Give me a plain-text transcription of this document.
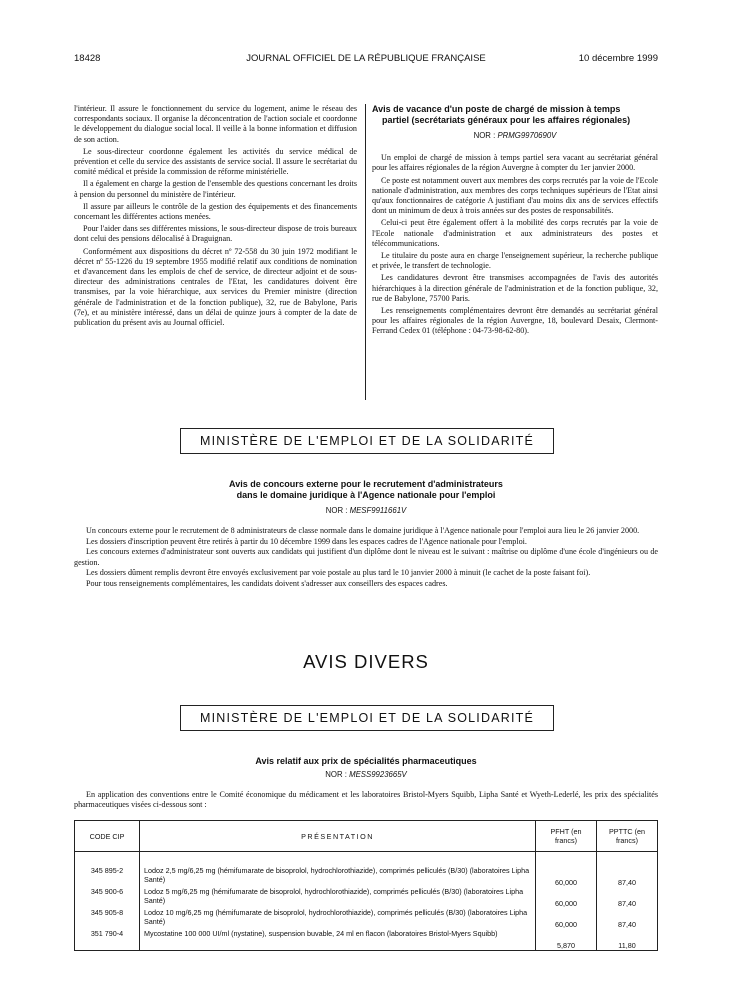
18428	JOURNAL OFFICIEL DE LA RÉPUBLIQUE FRANÇAISE	10 décembre 1999

l'intérieur. Il assure le fonctionnement du service du logement, anime le réseau des correspondants sociaux. Il organise la déconcentration de l'action sociale et coordonne le développement du dialogue social local. Il veille à la bonne information et diffusion de son action.

Le sous-directeur coordonne également les activités du service médical de prévention et celle du service des assistants de service social. Il assure le secrétariat du comité médical et préside la commission de réforme ministérielle.

Il a également en charge la gestion de l'ensemble des questions concernant les droits à pension du personnel du ministère de l'intérieur.

Il assure par ailleurs le contrôle de la gestion des équipements et des financements concernant les différentes actions menées.

Pour l'aider dans ses différentes missions, le sous-directeur dispose de trois bureaux dont celui des pensions délocalisé à Draguignan.

Conformément aux dispositions du décret nº 72-558 du 30 juin 1972 modifiant le décret nº 55-1226 du 19 septembre 1955 modifié relatif aux conditions de nomination et d'avancement dans les emplois de chef de service, de directeur adjoint et de sous-directeur des administrations centrales de l'Etat, les candidatures doivent être transmises, par la voie hiérarchique, aux services du Premier ministre (direction générale de l'administration et de la fonction publique), 32, rue de Babylone, Paris (7e), et au ministère intéressé, dans un délai de quinze jours à compter de la date de publication du présent avis au Journal officiel.

Avis de vacance d'un poste de chargé de mission à temps
partiel (secrétariats généraux pour les affaires régionales)
NOR : PRMG9970690V

Un emploi de chargé de mission à temps partiel sera vacant au secrétariat général pour les affaires régionales de la région Auvergne à compter du 1er janvier 2000.

Ce poste est notamment ouvert aux membres des corps recrutés par la voie de l'Ecole nationale d'administration, aux membres des corps techniques supérieurs de l'Etat ainsi qu'aux fonctionnaires de catégorie A justifiant d'au moins dix ans de services effectifs dont un minimum de deux à trois années sur des postes de responsabilités.

Celui-ci peut être également offert à la mobilité des corps recrutés par la voie de l'Ecole nationale d'administration et aux administrateurs des postes et télécommunications.

Le titulaire du poste aura en charge l'enseignement supérieur, la recherche publique et privée, le transfert de technologie.

Les candidatures devront être transmises accompagnées de l'avis des autorités hiérarchiques à la direction générale de l'administration et de la fonction publique, 32, rue de Babylone, 75700 Paris.

Les renseignements complémentaires devront être demandés au secrétariat général pour les affaires régionales de la région Auvergne, 18, boulevard Desaix, Clermont-Ferrand Cedex 01 (téléphone : 04-73-98-62-80).

MINISTÈRE DE L'EMPLOI ET DE LA SOLIDARITÉ
Avis de concours externe pour le recrutement d'administrateurs
dans le domaine juridique à l'Agence nationale pour l'emploi
NOR : MESF9911661V

Un concours externe pour le recrutement de 8 administrateurs de classe normale dans le domaine juridique à l'Agence nationale pour l'emploi aura lieu le 26 janvier 2000.

Les dossiers d'inscription peuvent être retirés à partir du 10 décembre 1999 dans les espaces cadres de l'Agence nationale pour l'emploi.

Les concours externes d'administrateur sont ouverts aux candidats qui justifient d'un diplôme dont le niveau est le suivant : maîtrise ou diplôme d'une école d'ingénieurs ou de gestion.

Les dossiers dûment remplis devront être envoyés exclusivement par voie postale au plus tard le 10 janvier 2000 à minuit (le cachet de la poste faisant foi).

Pour tous renseignements complémentaires, les candidats doivent s'adresser aux conseillers des espaces cadres.

AVIS DIVERS
MINISTÈRE DE L'EMPLOI ET DE LA SOLIDARITÉ
Avis relatif aux prix de spécialités pharmaceutiques
NOR : MESS9923665V

En application des conventions entre le Comité économique du médicament et les laboratoires Bristol-Myers Squibb, Lipha Santé et Wyeth-Lederlé, les prix des spécialités pharmaceutiques visées ci-dessous sont :

CODE CIP	PRÉSENTATION	PFHT (en francs)	PPTTC (en francs)

345 895-2	Lodoz 2,5 mg/6,25 mg (hémifumarate de bisoprolol, hydrochlorothiazide), comprimés pelliculés (B/30) (laboratoires Lipha Santé)	60,000	87,40
345 900-6	Lodoz 5 mg/6,25 mg (hémifumarate de bisoprolol, hydrochlorothiazide), comprimés pelliculés (B/30) (laboratoires Lipha Santé)	60,000	87,40
345 905-8	Lodoz 10 mg/6,25 mg (hémifumarate de bisoprolol, hydrochlorothiazide), comprimés pelliculés (B/30) (laboratoires Lipha Santé)	60,000	87,40
351 790-4	Mycostatine 100 000 UI/ml (nystatine), suspension buvable, 24 ml en flacon (laboratoires Bristol-Myers Squibb)	5,870	11,80
